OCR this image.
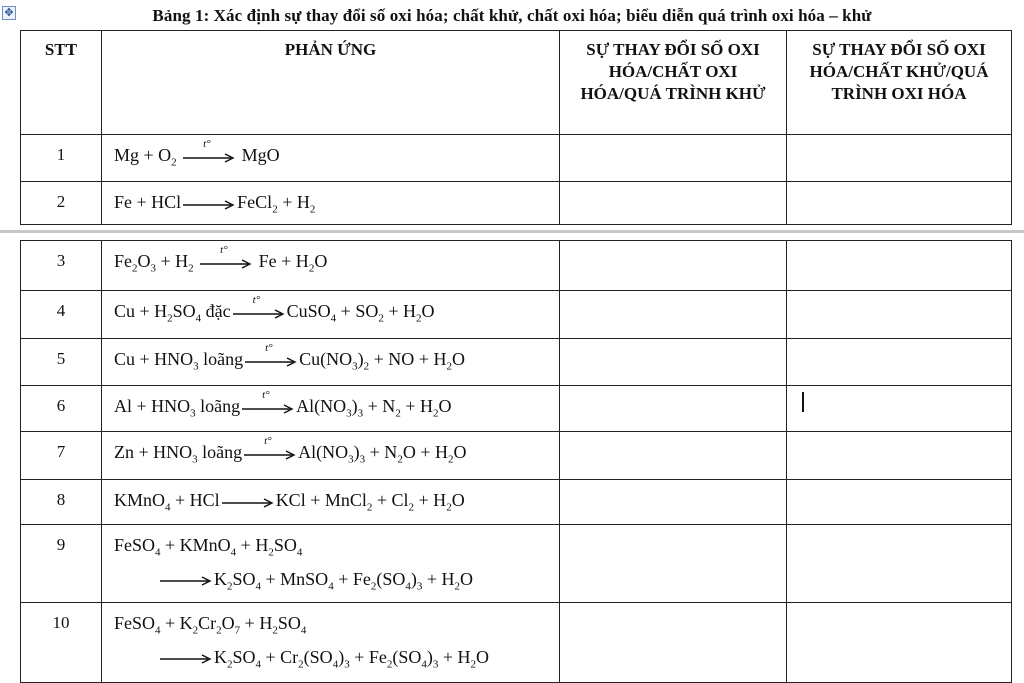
✥	Bảng 1: Xác định sự thay đổi số oxi hóa; chất khử, chất oxi hóa; biểu diễn quá trình oxi hóa – khử
STT	PHẢN ỨNG	SỰ THAY ĐỔI SỐ OXI HÓA/CHẤT OXI HÓA/QUÁ TRÌNH KHỬ	SỰ THAY ĐỔI SỐ OXI HÓA/CHẤT KHỬ/QUÁ TRÌNH OXI HÓA
1	$Mg + O_2$
t°
MgO		
2	Fe + HCl FeCl$_2$ + $H_2$		
3	$Fe_2O_3 + H_2$
t°
$Fe + H_2O$		
4	$Cu + H_2SO_4$ đặc
t°
CuSO$_4$ + $SO_2 + H_2O$		
5	$Cu + HNO_3$ loãng
t°
$Cu(NO_3)_2$ + NO + $H_2O$		
6	$Al + HNO_3$ loãng
t°
$Al(NO_3)_3 + N_2 + H_2O$		
7	$Zn + HNO_3$ loãng
t°
$Al(NO_3)_3 + N_2O + H_2O$		
8	KMnO$_4$ + HCl KCl + MnCl$_2$ + $Cl_2 + H_2O$		
9	FeSO$_4$ + KMnO$_4$ + $H_2SO_4$
$K_2SO_4$ + MnSO$_4$ + $Fe_2(SO_4)_3 + H_2O$		

10	FeSO$_4$ + $K_2Cr_2O_7 + H_2SO_4$
$K_2SO_4 + Cr_2(SO_4)_3 + Fe_2(SO_4)_3 + H_2O$		
